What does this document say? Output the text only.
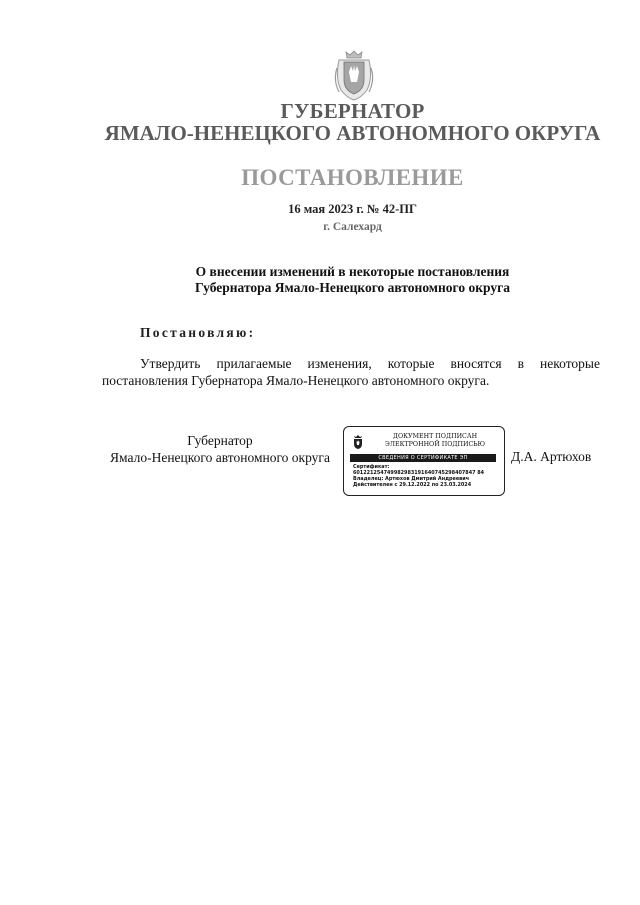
ГУБЕРНАТОР
ЯМАЛО-НЕНЕЦКОГО АВТОНОМНОГО ОКРУГА
ПОСТАНОВЛЕНИЕ
16 мая 2023 г. № 42-ПГ
г. Салехард
О внесении изменений в некоторые постановления
Губернатора Ямало-Ненецкого автономного округа
Постановляю:
Утвердить прилагаемые изменения, которые вносятся в некоторые постановления Губернатора Ямало-Ненецкого автономного округа.
Губернатор
Ямало-Ненецкого автономного округа
ДОКУМЕНТ ПОДПИСАН
ЭЛЕКТРОННОЙ ПОДПИСЬЮ
СВЕДЕНИЯ О СЕРТИФИКАТЕ ЭП
Сертификат:
601221254749982983191640745298407847 84
Владелец: Артюхов Дмитрий Андреевич
Действителен с 29.12.2022 по 23.03.2024
Д.А. Артюхов
